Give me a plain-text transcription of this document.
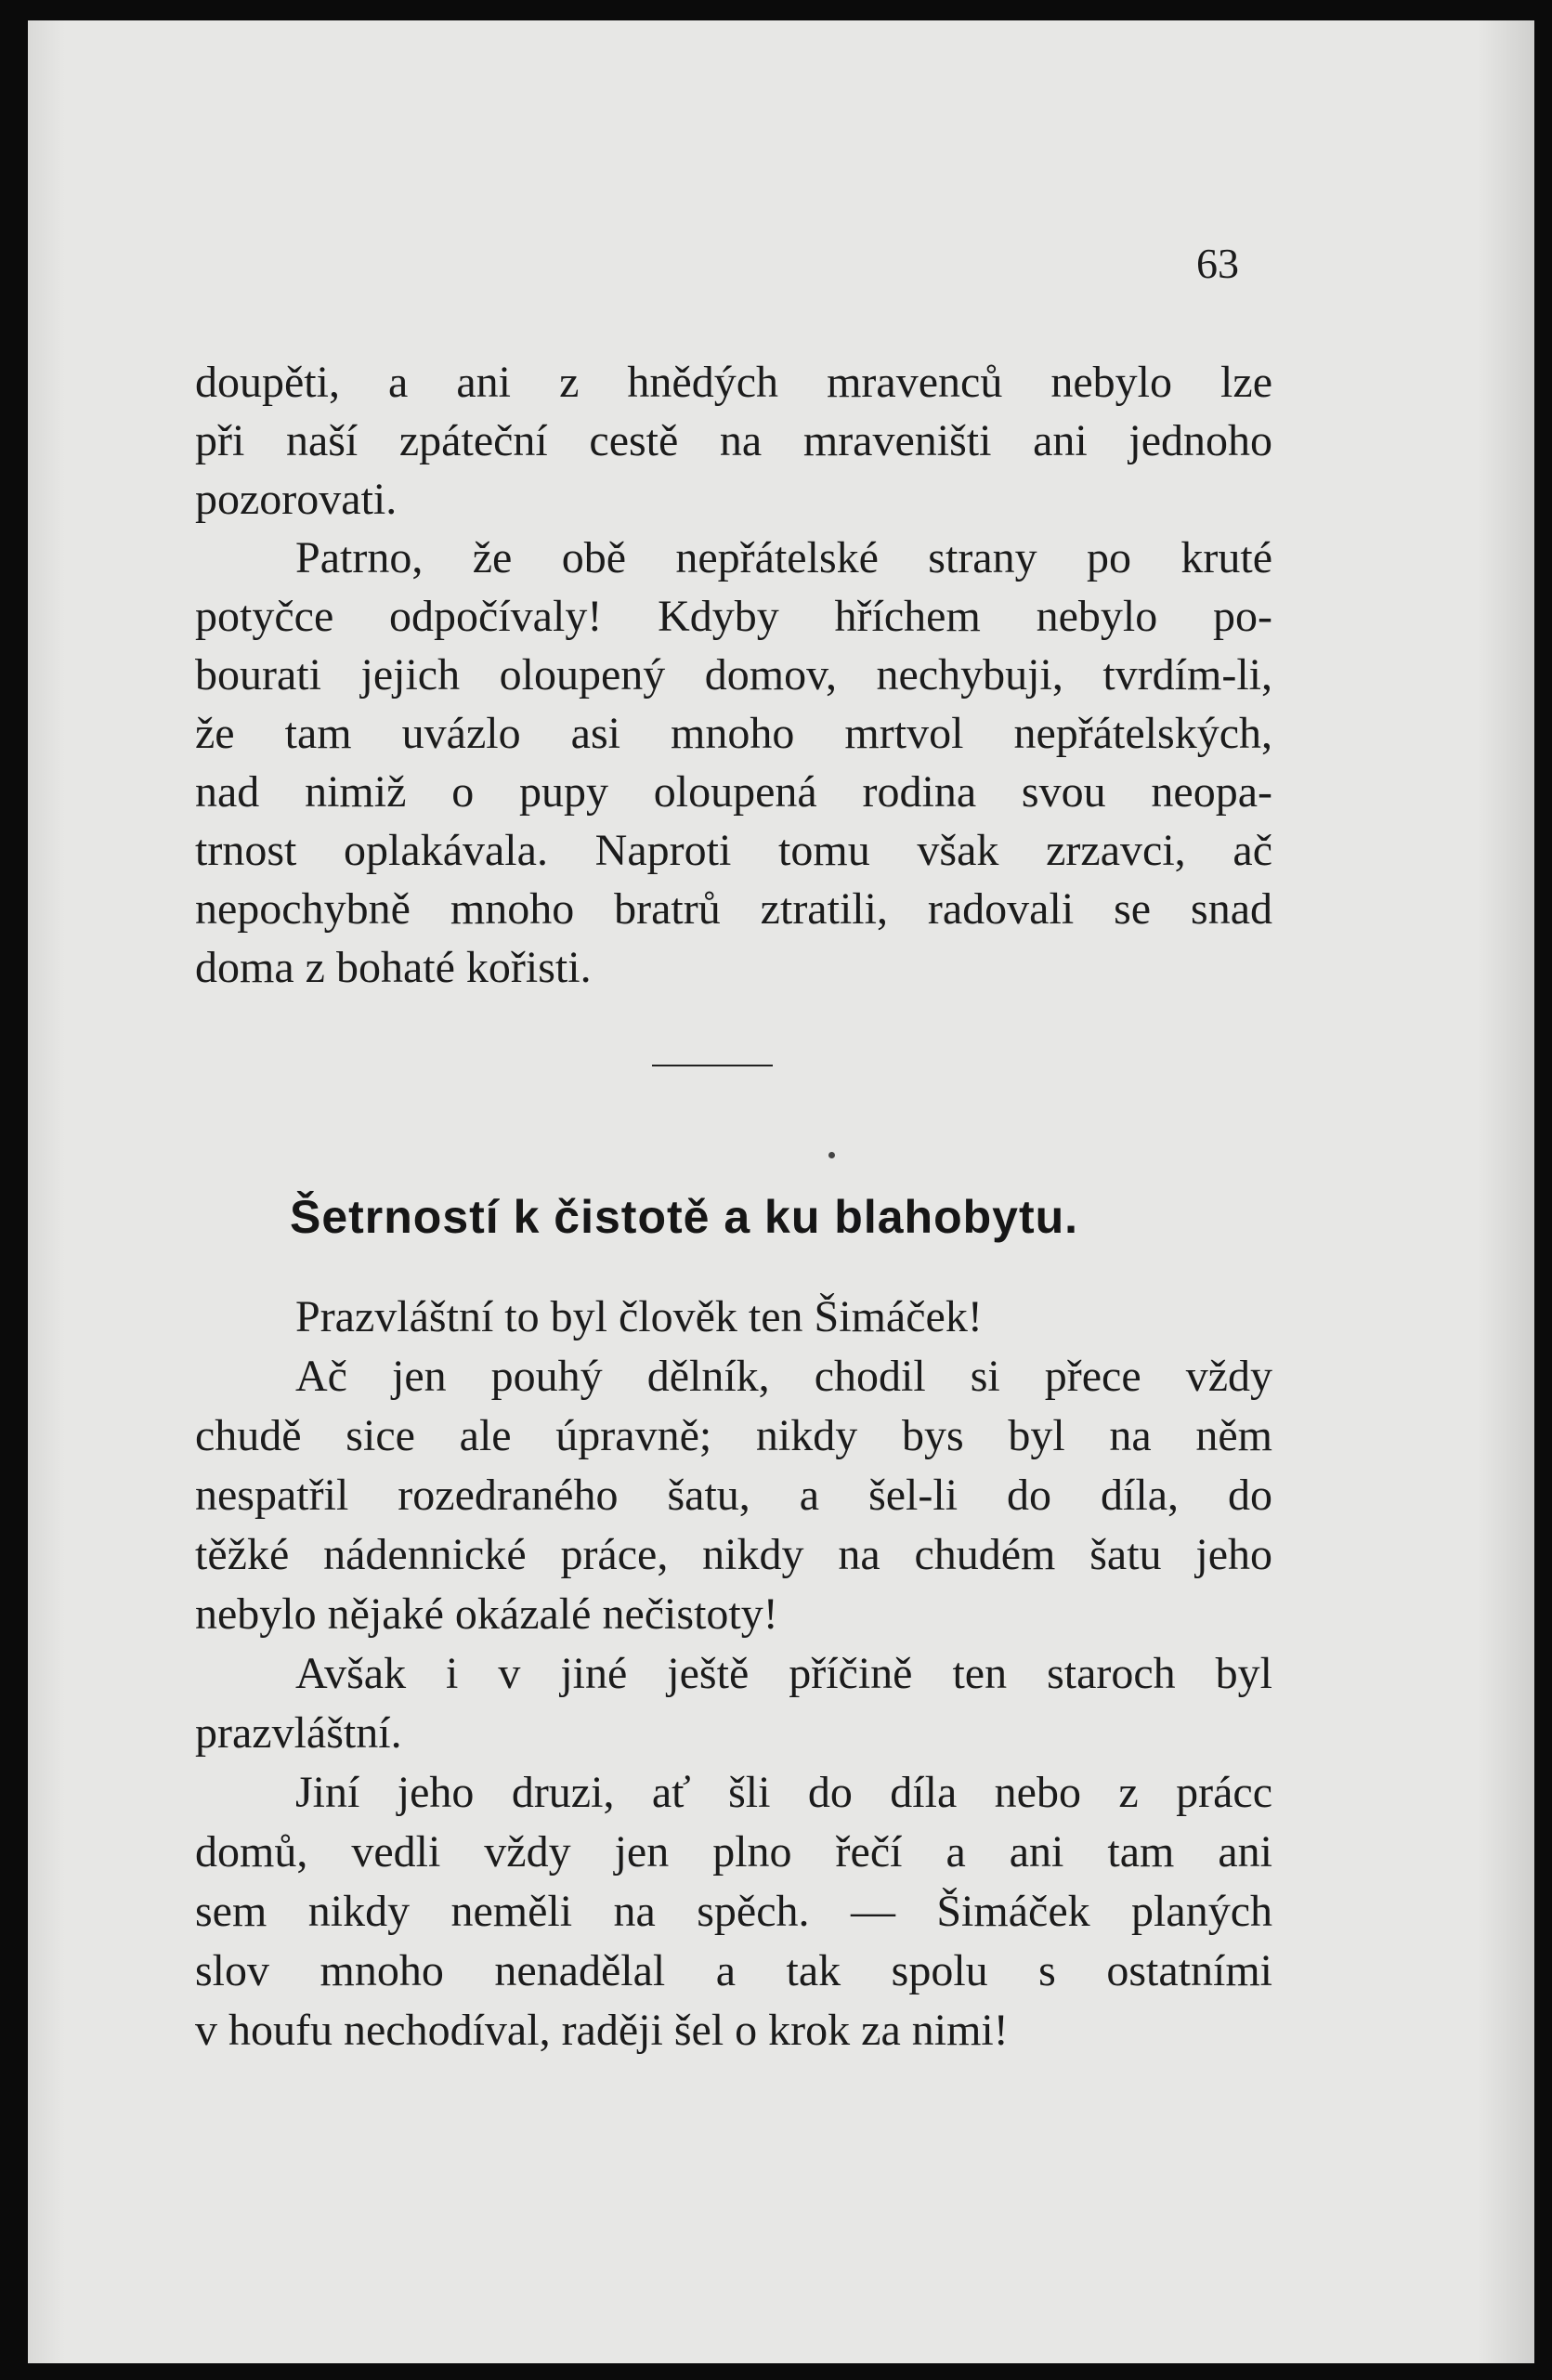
63
doupěti, a ani z hnědých mravenců nebylo lze
při naší zpáteční cestě na mraveništi ani jednoho
pozorovati.
Patrno, že obě nepřátelské strany po kruté
potyčce odpočívaly! Kdyby hříchem nebylo po-
bourati jejich oloupený domov, nechybuji, tvrdím-li,
že tam uvázlo asi mnoho mrtvol nepřátelských,
nad nimiž o pupy oloupená rodina svou neopa-
trnost oplakávala. Naproti tomu však zrzavci, ač
nepochybně mnoho bratrů ztratili, radovali se snad
doma z bohaté kořisti.
Šetrností k čistotě a ku blahobytu.
Prazvláštní to byl člověk ten Šimáček!
Ač jen pouhý dělník, chodil si přece vždy
chudě sice ale úpravně; nikdy bys byl na něm
nespatřil rozedraného šatu, a šel-li do díla, do
těžké nádennické práce, nikdy na chudém šatu jeho
nebylo nějaké okázalé nečistoty!
Avšak i v jiné ještě příčině ten staroch byl
prazvláštní.
Jiní jeho druzi, ať šli do díla nebo z prácc
domů, vedli vždy jen plno řečí a ani tam ani
sem nikdy neměli na spěch. — Šimáček planých
slov mnoho nenadělal a tak spolu s ostatními
v houfu nechodíval, raději šel o krok za nimi!
